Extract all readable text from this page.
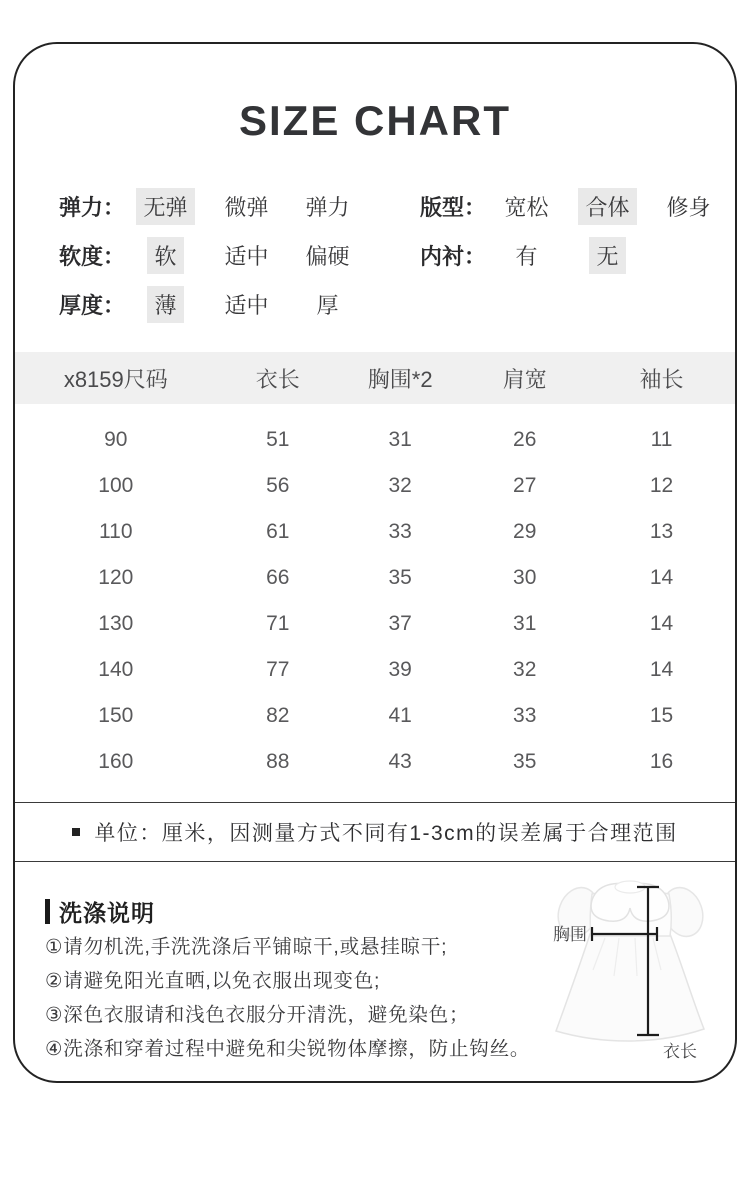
SIZE CHART
弹力： 无弹	微弹	弹力
软度：	软	适中	偏硬
厚度：	薄	适中	厚
版型： 宽松	合体	修身
内衬：	有	无
x8159尺码	衣长	胸围*2	肩宽	袖长
90	51	31	26	11
100	56	32	27	12
110	61	33	29	13
120	66	35	30	14
130	71	37	31	14
140	77	39	32	14
150	82	41	33	15
160	88	43	35	16
单位：厘米，因测量方式不同有1-3cm的误差属于合理范围
洗涤说明
①请勿机洗,手洗洗涤后平铺晾干,或悬挂晾干;
②请避免阳光直晒,以免衣服出现变色;
③深色衣服请和浅色衣服分开清洗，避免染色；
④洗涤和穿着过程中避免和尖锐物体摩擦，防止钩丝。
胸围
衣长
